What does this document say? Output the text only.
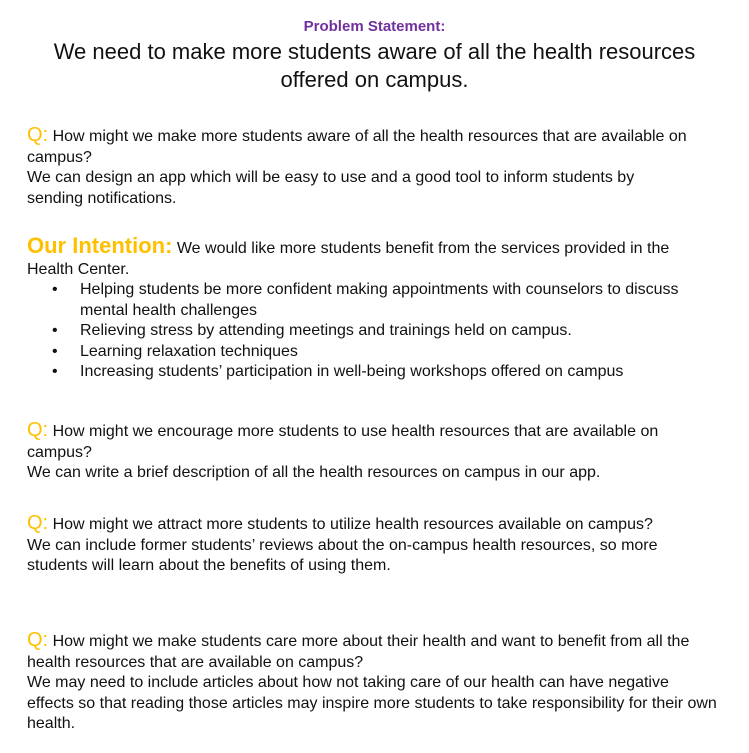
Problem Statement:
We need to make more students aware of all the health resources
offered on campus.
Q: How might we make more students aware of all the health resources that are available on campus?
We can design an app which will be easy to use and a good tool to inform students by sending notifications.
Our Intention: We would like more students benefit from the services provided in the Health Center.
• Helping students be more confident making appointments with counselors to discuss mental health challenges
• Relieving stress by attending meetings and trainings held on campus.
• Learning relaxation techniques
• Increasing students’ participation in well-being workshops offered on campus
Q: How might we encourage more students to use health resources that are available on campus?
We can write a brief description of all the health resources on campus in our app.
Q: How might we attract more students to utilize health resources available on campus?
We can include former students’ reviews about the on-campus health resources, so more students will learn about the benefits of using them.
Q: How might we make students care more about their health and want to benefit from all the health resources that are available on campus?
We may need to include articles about how not taking care of our health can have negative effects so that reading those articles may inspire more students to take responsibility for their own health.
